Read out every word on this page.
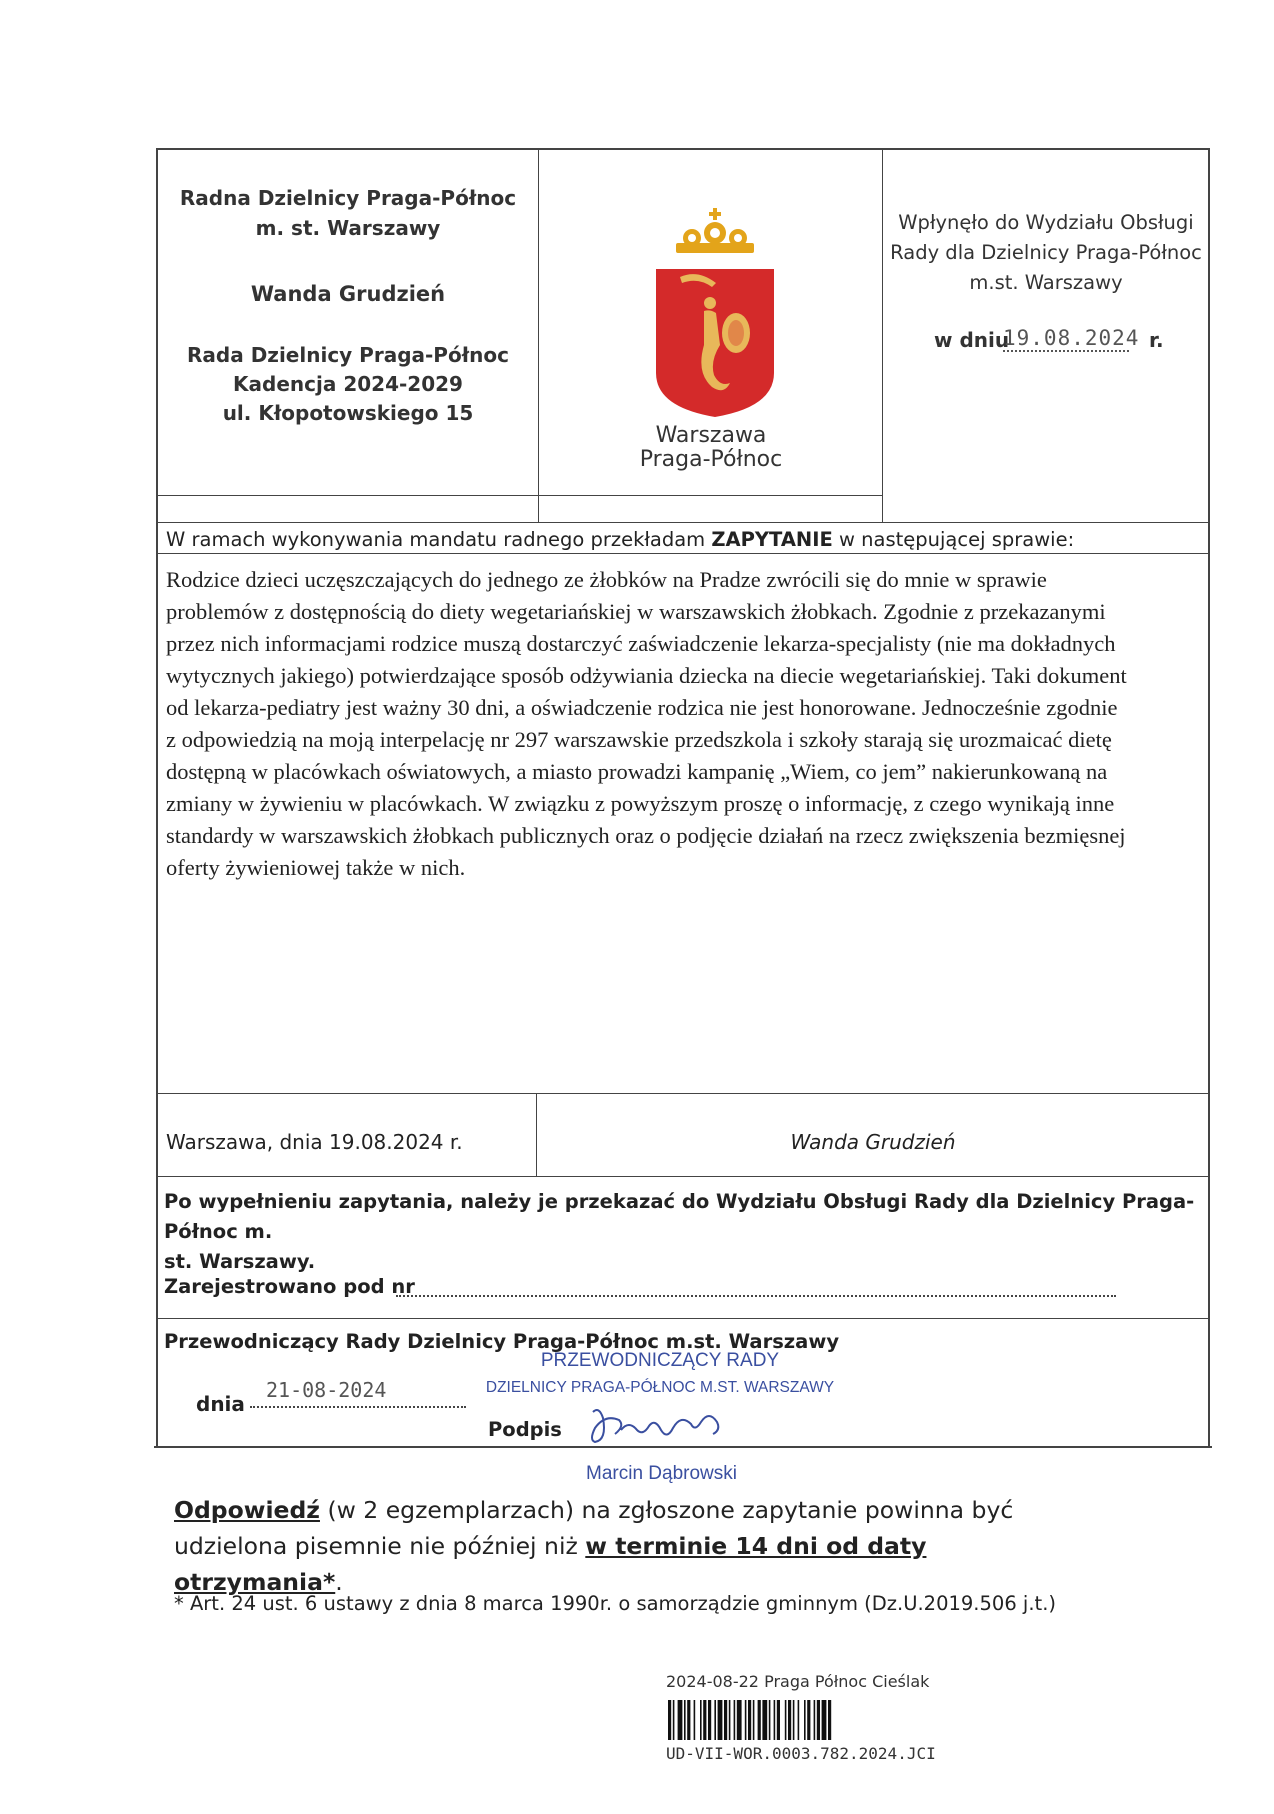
Radna Dzielnicy Praga-Północ
m. st. Warszawy
Wanda Grudzień
Rada Dzielnicy Praga-Północ
Kadencja 2024-2029
ul. Kłopotowskiego 15
Warszawa
Praga-Północ
Wpłynęło do Wydziału Obsługi
Rady dla Dzielnicy Praga-Północ
m.st. Warszawy
w dniu
19.08.2024 r.
W ramach wykonywania mandatu radnego przekładam ZAPYTANIE w następującej sprawie:
Rodzice dzieci uczęszczających do jednego ze żłobków na Pradze zwrócili się do mnie w sprawie
problemów z dostępnością do diety wegetariańskiej w warszawskich żłobkach. Zgodnie z przekazanymi
przez nich informacjami rodzice muszą dostarczyć zaświadczenie lekarza-specjalisty (nie ma dokładnych
wytycznych jakiego) potwierdzające sposób odżywiania dziecka na diecie wegetariańskiej. Taki dokument
od lekarza-pediatry jest ważny 30 dni, a oświadczenie rodzica nie jest honorowane. Jednocześnie zgodnie
z odpowiedzią na moją interpelację nr 297 warszawskie przedszkola i szkoły starają się urozmaicać dietę
dostępną w placówkach oświatowych, a miasto prowadzi kampanię „Wiem, co jem” nakierunkowaną na
zmiany w żywieniu w placówkach. W związku z powyższym proszę o informację, z czego wynikają inne
standardy w warszawskich żłobkach publicznych oraz o podjęcie działań na rzecz zwiększenia bezmięsnej
oferty żywieniowej także w nich.
Warszawa, dnia 19.08.2024 r.	Wanda Grudzień
Po wypełnieniu zapytania, należy je przekazać do Wydziału Obsługi Rady dla Dzielnicy Praga-Północ m.
st. Warszawy.
Zarejestrowano pod nr
Przewodniczący Rady Dzielnicy Praga-Północ m.st. Warszawy
PRZEWODNICZĄCY RADY
DZIELNICY PRAGA-PÓŁNOC M.ST. WARSZAWY
dnia
21-08-2024
Podpis
Marcin Dąbrowski
Odpowiedź (w 2 egzemplarzach) na zgłoszone zapytanie powinna być
udzielona pisemnie nie później niż w terminie 14 dni od daty otrzymania*.
* Art. 24 ust. 6 ustawy z dnia 8 marca 1990r. o samorządzie gminnym (Dz.U.2019.506 j.t.)
2024-08-22 Praga Północ Cieślak
UD-VII-WOR.0003.782.2024.JCI
